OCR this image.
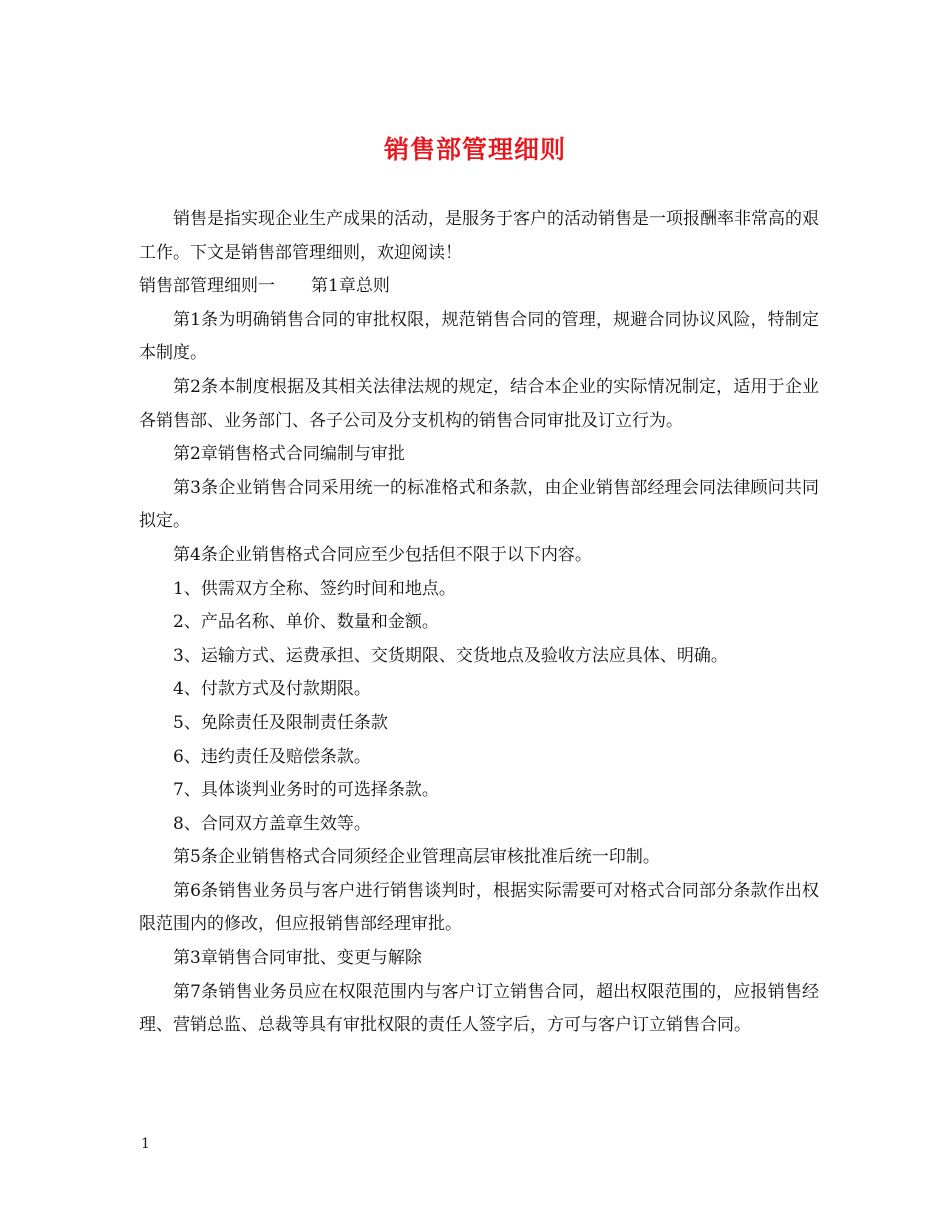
销售部管理细则

销售是指实现企业生产成果的活动，是服务于客户的活动销售是一项报酬率非常高的艰工作。下文是销售部管理细则，欢迎阅读！

销售部管理细则一 第1章总则

第1条为明确销售合同的审批权限，规范销售合同的管理，规避合同协议风险，特制定本制度。

第2条本制度根据及其相关法律法规的规定，结合本企业的实际情况制定，适用于企业各销售部、业务部门、各子公司及分支机构的销售合同审批及订立行为。

第2章销售格式合同编制与审批

第3条企业销售合同采用统一的标准格式和条款，由企业销售部经理会同法律顾问共同拟定。

第4条企业销售格式合同应至少包括但不限于以下内容。

1、供需双方全称、签约时间和地点。

2、产品名称、单价、数量和金额。

3、运输方式、运费承担、交货期限、交货地点及验收方法应具体、明确。

4、付款方式及付款期限。

5、免除责任及限制责任条款

6、违约责任及赔偿条款。

7、具体谈判业务时的可选择条款。

8、合同双方盖章生效等。

第5条企业销售格式合同须经企业管理高层审核批准后统一印制。

第6条销售业务员与客户进行销售谈判时，根据实际需要可对格式合同部分条款作出权限范围内的修改，但应报销售部经理审批。

第3章销售合同审批、变更与解除

第7条销售业务员应在权限范围内与客户订立销售合同，超出权限范围的，应报销售经理、营销总监、总裁等具有审批权限的责任人签字后，方可与客户订立销售合同。

1
